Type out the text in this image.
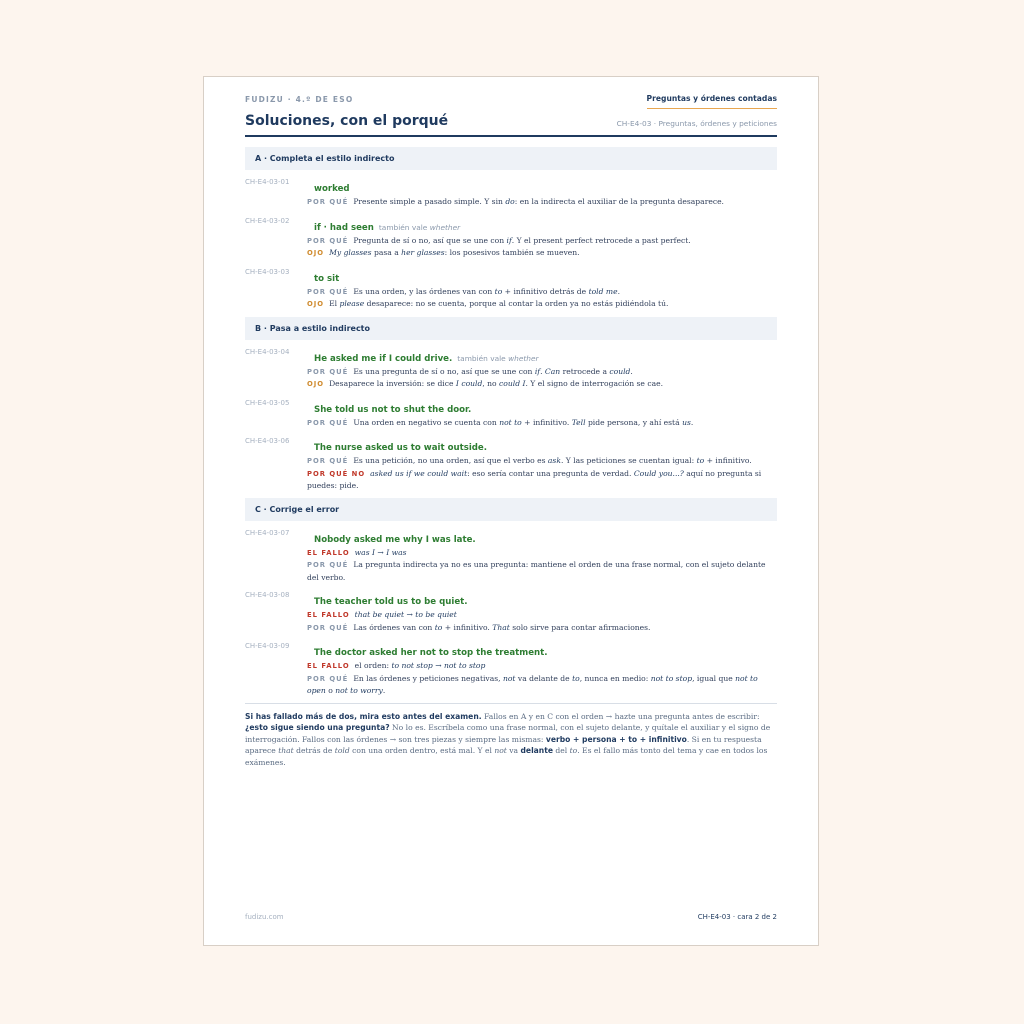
FUDIZU · 4.º DE ESO	Preguntas y órdenes contadas
Soluciones, con el porqué	CH-E4-03 · Preguntas, órdenes y peticiones
A · Completa el estilo indirecto
CH-E4-03-01
worked
POR QUÉ Presente simple a pasado simple. Y sin do: en la indirecta el auxiliar de la pregunta desaparece.
CH-E4-03-02
if · had seen también vale whether
POR QUÉ Pregunta de sí o no, así que se une con if. Y el present perfect retrocede a past perfect.
OJO My glasses pasa a her glasses: los posesivos también se mueven.
CH-E4-03-03
to sit
POR QUÉ Es una orden, y las órdenes van con to + infinitivo detrás de told me.
OJO El please desaparece: no se cuenta, porque al contar la orden ya no estás pidiéndola tú.
B · Pasa a estilo indirecto
CH-E4-03-04
He asked me if I could drive. también vale whether
POR QUÉ Es una pregunta de sí o no, así que se une con if. Can retrocede a could.
OJO Desaparece la inversión: se dice I could, no could I. Y el signo de interrogación se cae.
CH-E4-03-05
She told us not to shut the door.
POR QUÉ Una orden en negativo se cuenta con not to + infinitivo. Tell pide persona, y ahí está us.
CH-E4-03-06
The nurse asked us to wait outside.
POR QUÉ Es una petición, no una orden, así que el verbo es ask. Y las peticiones se cuentan igual: to + infinitivo.
POR QUÉ NO asked us if we could wait: eso sería contar una pregunta de verdad. Could you...? aquí no pregunta si puedes: pide.
C · Corrige el error
CH-E4-03-07
Nobody asked me why I was late.
EL FALLO was I → I was
POR QUÉ La pregunta indirecta ya no es una pregunta: mantiene el orden de una frase normal, con el sujeto delante del verbo.
CH-E4-03-08
The teacher told us to be quiet.
EL FALLO that be quiet → to be quiet
POR QUÉ Las órdenes van con to + infinitivo. That solo sirve para contar afirmaciones.
CH-E4-03-09
The doctor asked her not to stop the treatment.
EL FALLO el orden: to not stop → not to stop
POR QUÉ En las órdenes y peticiones negativas, not va delante de to, nunca en medio: not to stop, igual que not to open o not to worry.
Si has fallado más de dos, mira esto antes del examen. Fallos en A y en C con el orden → hazte una pregunta antes de escribir: ¿esto sigue siendo una pregunta? No lo es. Escríbela como una frase normal, con el sujeto delante, y quítale el auxiliar y el signo de interrogación. Fallos con las órdenes → son tres piezas y siempre las mismas: verbo + persona + to + infinitivo. Si en tu respuesta aparece that detrás de told con una orden dentro, está mal. Y el not va delante del to. Es el fallo más tonto del tema y cae en todos los exámenes.
fudizu.com	CH-E4-03 · cara 2 de 2
